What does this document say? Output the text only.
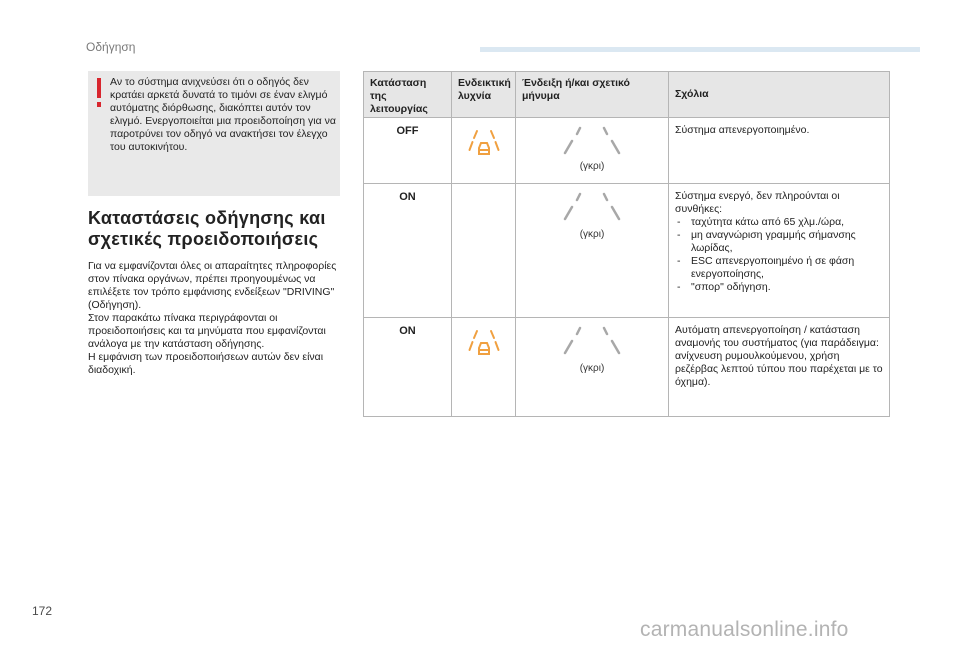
Οδήγηση
Αν το σύστημα ανιχνεύσει ότι ο οδηγός δεν κρατάει αρκετά δυνατά το τιμόνι σε έναν ελιγμό αυτόματης διόρθωσης, διακόπτει αυτόν τον ελιγμό. Ενεργοποιείται μια προειδοποίηση για να παροτρύνει τον οδηγό να ανακτήσει τον έλεγχο του αυτοκινήτου.
Καταστάσεις οδήγησης και σχετικές προειδοποιήσεις

Για να εμφανίζονται όλες οι απαραίτητες πληροφορίες στον πίνακα οργάνων, πρέπει προηγουμένως να επιλέξετε τον τρόπο εμφάνισης ενδείξεων "DRIVING" (Οδήγηση).

Στον παρακάτω πίνακα περιγράφονται οι προειδοποιήσεις και τα μηνύματα που εμφανίζονται ανάλογα με την κατάσταση οδήγησης.

Η εμφάνιση των προειδοποιήσεων αυτών δεν είναι διαδοχική.

Κατάσταση της λειτουργίας
Ενδεικτική λυχνία
Ένδειξη ή/και σχετικό μήνυμα	Σχόλια
OFF
(γκρι)
Σύστημα απενεργοποιημένο.
ON
(γκρι)
Σύστημα ενεργό, δεν πληρούνται οι συνθήκες:
- ταχύτητα κάτω από 65 χλμ./ώρα,
- μη αναγνώριση γραμμής σήμανσης λωρίδας,
- ESC απενεργοποιημένο ή σε φάση ενεργοποίησης,
- "σπορ" οδήγηση.
ON
(γκρι)
Αυτόματη απενεργοποίηση / κατάσταση αναμονής του συστήματος (για παράδειγμα: ανίχνευση ρυμουλκούμενου, χρήση ρεζέρβας λεπτού τύπου που παρέχεται με το όχημα).
172
carmanualsonline.info
